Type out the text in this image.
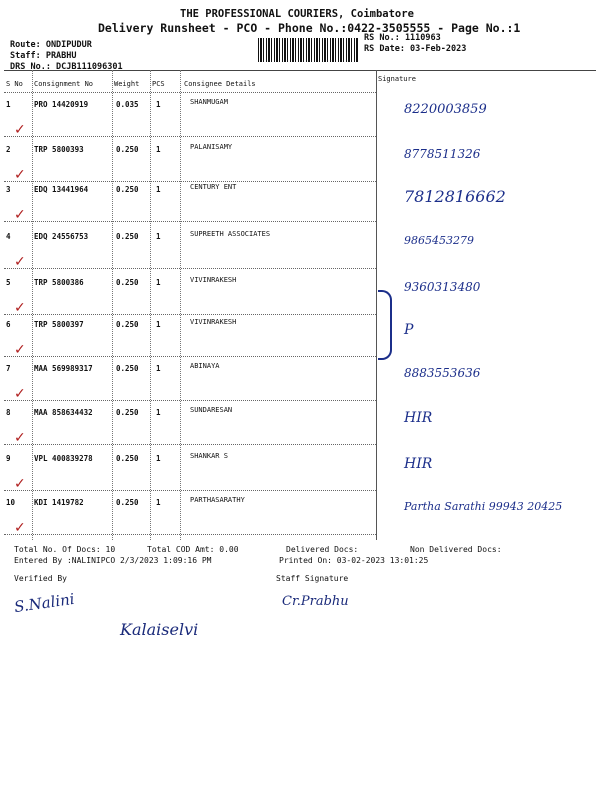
THE PROFESSIONAL COURIERS, Coimbatore
Delivery Runsheet - PCO - Phone No.:0422-3505555 - Page No.:1
Route: ONDIPUDUR
Staff: PRABHU
DRS No.: DCJB111096301
RS No.: 1110963
RS Date: 03-Feb-2023
S No Consignment No	Weight PCS	Consignee Details
Signature
1	PRO 14420919	0.035 1	SHANMUGAM	8220003859
✓
2	TRP 5800393	0.250 1	PALANISAMY	8778511326
✓
3	EDQ 13441964	0.250 1	CENTURY ENT	7812816662
✓
4	EDQ 24556753	0.250 1	SUPREETH ASSOCIATES	9865453279
✓
5	TRP 5800386	0.250 1	VIVINRAKESH	9360313480
✓
6	TRP 5800397	0.250 1	VIVINRAKESH	P
✓
7	MAA 569989317	0.250 1	ABINAYA	8883553636
✓
8	MAA 858634432	0.250 1	SUNDARESAN	HIR
✓
9	VPL 400839278	0.250 1	SHANKAR S	HIR
✓
10	KDI 1419782	0.250 1	PARTHASARATHY	Partha Sarathi 99943 20425
✓
Total No. Of Docs: 10	Total COD Amt: 0.00	Delivered Docs:	Non Delivered Docs:
Entered By :NALINIPCO 2/3/2023 1:09:16 PM	Printed On: 03-02-2023 13:01:25
Verified By	Staff Signature
S.Nalini	Cr.Prabhu
Kalaiselvi
